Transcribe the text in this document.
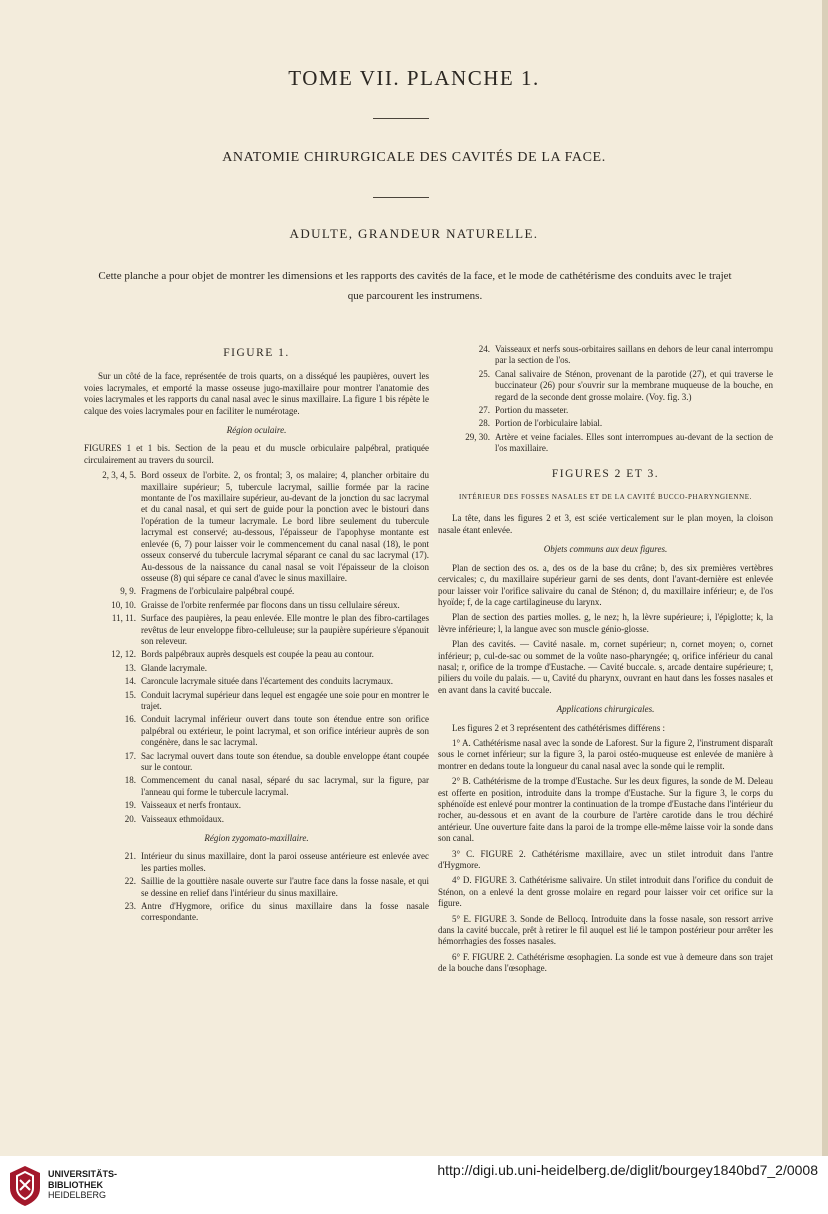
TOME VII. PLANCHE 1.
ANATOMIE CHIRURGICALE DES CAVITÉS DE LA FACE.
ADULTE, GRANDEUR NATURELLE.
Cette planche a pour objet de montrer les dimensions et les rapports des cavités de la face, et le mode de cathétérisme des conduits avec le trajet que parcourent les instrumens.

FIGURE 1.

Sur un côté de la face, représentée de trois quarts, on a disséqué les paupières, ouvert les voies lacrymales, et emporté la masse osseuse jugo-maxillaire pour montrer l'anatomie des voies lacrymales et les rapports du canal nasal avec le sinus maxillaire. La figure 1 bis répète le calque des voies lacrymales pour en faciliter le numérotage.

Région oculaire.

FIGURES 1 et 1 bis. Section de la peau et du muscle orbiculaire palpébral, pratiquée circulairement au travers du sourcil.

2, 3, 4, 5. Bord osseux de l'orbite. 2, os frontal; 3, os malaire; 4, plancher orbitaire du maxillaire supérieur; 5, tubercule lacrymal, saillie formée par la racine montante de l'os maxillaire supérieur, au-devant de la jonction du sac lacrymal et du canal nasal, et qui sert de guide pour la ponction avec le bistouri dans l'opération de la tumeur lacrymale. Le bord libre seulement du tubercule lacrymal est conservé; au-dessous, l'épaisseur de l'apophyse montante est enlevée (6, 7) pour laisser voir le commencement du canal nasal (18), le pont osseux conservé du tubercule lacrymal séparant ce canal du sac lacrymal (17). Au-dessous de la naissance du canal nasal se voit l'épaisseur de la cloison osseuse (8) qui sépare ce canal d'avec le sinus maxillaire.
9, 9. Fragmens de l'orbiculaire palpébral coupé.
10, 10. Graisse de l'orbite renfermée par flocons dans un tissu cellulaire séreux.
11, 11. Surface des paupières, la peau enlevée. Elle montre le plan des fibro-cartilages revêtus de leur enveloppe fibro-celluleuse; sur la paupière supérieure s'épanouit son releveur.
12, 12. Bords palpébraux auprès desquels est coupée la peau au contour.
13. Glande lacrymale.
14. Caroncule lacrymale située dans l'écartement des conduits lacrymaux.
15. Conduit lacrymal supérieur dans lequel est engagée une soie pour en montrer le trajet.
16. Conduit lacrymal inférieur ouvert dans toute son étendue entre son orifice palpébral ou extérieur, le point lacrymal, et son orifice intérieur auprès de son congénère, dans le sac lacrymal.
17. Sac lacrymal ouvert dans toute son étendue, sa double enveloppe étant coupée sur le contour.
18. Commencement du canal nasal, séparé du sac lacrymal, sur la figure, par l'anneau qui forme le tubercule lacrymal.
19. Vaisseaux et nerfs frontaux.
20. Vaisseaux ethmoïdaux.

Région zygomato-maxillaire.

21. Intérieur du sinus maxillaire, dont la paroi osseuse antérieure est enlevée avec les parties molles.
22. Saillie de la gouttière nasale ouverte sur l'autre face dans la fosse nasale, et qui se dessine en relief dans l'intérieur du sinus maxillaire.
23. Antre d'Hygmore, orifice du sinus maxillaire dans la fosse nasale correspondante.
24. Vaisseaux et nerfs sous-orbitaires saillans en dehors de leur canal interrompu par la section de l'os.
25. Canal salivaire de Sténon, provenant de la parotide (27), et qui traverse le buccinateur (26) pour s'ouvrir sur la membrane muqueuse de la bouche, en regard de la seconde dent grosse molaire. (Voy. fig. 3.)
27. Portion du masseter.
28. Portion de l'orbiculaire labial.
29, 30. Artère et veine faciales. Elles sont interrompues au-devant de la section de l'os maxillaire.

FIGURES 2 ET 3.

INTÉRIEUR DES FOSSES NASALES ET DE LA CAVITÉ BUCCO-PHARYNGIENNE.

La tête, dans les figures 2 et 3, est sciée verticalement sur le plan moyen, la cloison nasale étant enlevée.

Objets communs aux deux figures.

Plan de section des os. a, des os de la base du crâne; b, des six premières vertèbres cervicales; c, du maxillaire supérieur garni de ses dents, dont l'avant-dernière est enlevée pour laisser voir l'orifice salivaire du canal de Sténon; d, du maxillaire inférieur; e, de l'os hyoïde; f, de la cage cartilagineuse du larynx.

Plan de section des parties molles. g, le nez; h, la lèvre supérieure; i, l'épiglotte; k, la lèvre inférieure; l, la langue avec son muscle génio-glosse.

Plan des cavités. — Cavité nasale. m, cornet supérieur; n, cornet moyen; o, cornet inférieur; p, cul-de-sac ou sommet de la voûte naso-pharyngée; q, orifice inférieur du canal nasal; r, orifice de la trompe d'Eustache. — Cavité buccale. s, arcade dentaire supérieure; t, piliers du voile du palais. — u, Cavité du pharynx, ouvrant en haut dans les fosses nasales et en avant dans la cavité buccale.

Applications chirurgicales.

Les figures 2 et 3 représentent des cathétérismes différens :

1° A. Cathétérisme nasal avec la sonde de Laforest. Sur la figure 2, l'instrument disparaît sous le cornet inférieur; sur la figure 3, la paroi ostéo-muqueuse est enlevée de manière à montrer en dedans toute la longueur du canal nasal avec la sonde qui le remplit.

2° B. Cathétérisme de la trompe d'Eustache. Sur les deux figures, la sonde de M. Deleau est offerte en position, introduite dans la trompe d'Eustache. Sur la figure 3, le corps du sphénoïde est enlevé pour montrer la continuation de la trompe d'Eustache dans l'intérieur du rocher, au-dessous et en avant de la courbure de l'artère carotide dans le trou déchiré antérieur. Une ouverture faite dans la paroi de la trompe elle-même laisse voir la sonde dans son canal.

3° C. FIGURE 2. Cathétérisme maxillaire, avec un stilet introduit dans l'antre d'Hygmore.

4° D. FIGURE 3. Cathétérisme salivaire. Un stilet introduit dans l'orifice du conduit de Sténon, on a enlevé la dent grosse molaire en regard pour laisser voir cet orifice sur la figure.

5° E. FIGURE 3. Sonde de Bellocq. Introduite dans la fosse nasale, son ressort arrive dans la cavité buccale, prêt à retirer le fil auquel est lié le tampon postérieur pour arrêter les hémorrhagies des fosses nasales.

6° F. FIGURE 2. Cathétérisme œsophagien. La sonde est vue à demeure dans son trajet de la bouche dans l'œsophage.

UNIVERSITÄTS-
BIBLIOTHEK
HEIDELBERG
http://digi.ub.uni-heidelberg.de/diglit/bourgey1840bd7_2/0008
